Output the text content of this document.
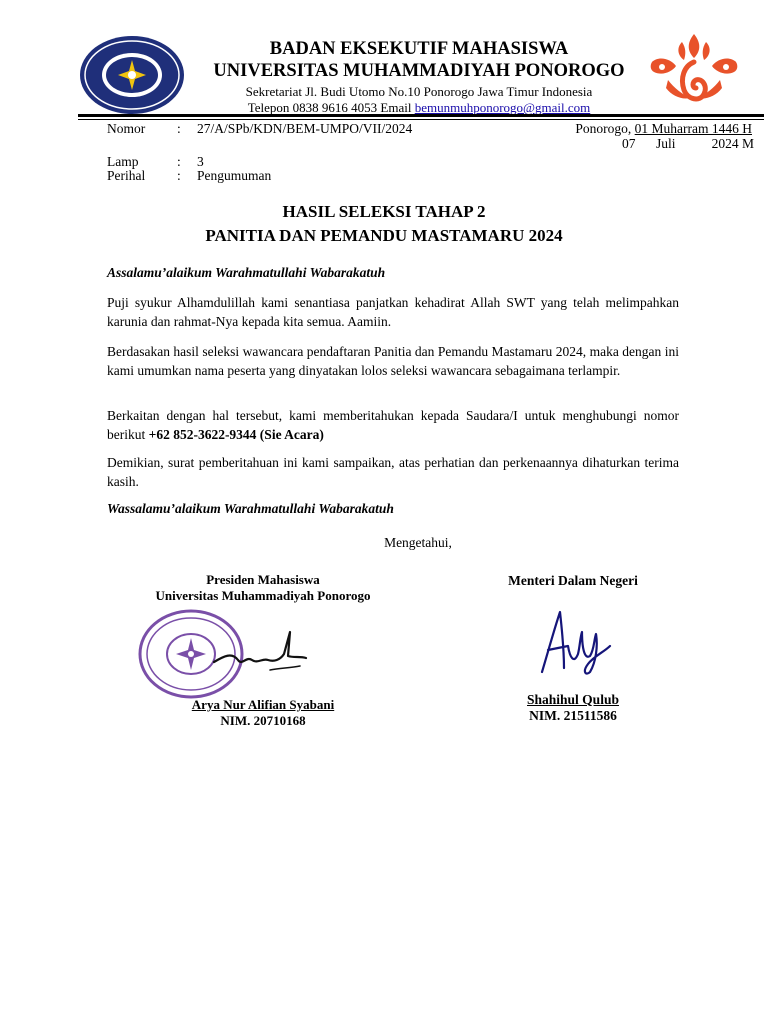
BADAN EKSEKUTIF MAHASISWA
UNIVERSITAS MUHAMMADIYAH PONOROGO
Sekretariat Jl. Budi Utomo No.10 Ponorogo Jawa Timur Indonesia
Telepon 0838 9616 4053 Email bemunmuhponorogo@gmail.com
Nomor : 27/A/SPb/KDN/BEM-UMPO/VII/2024
Lamp	: 3
Perihal : Pengumuman
Ponorogo, 01 Muharram 1446 H
07 Juli	2024 M
HASIL SELEKSI TAHAP 2
PANITIA DAN PEMANDU MASTAMARU 2024
Assalamu’alaikum Warahmatullahi Wabarakatuh
Puji syukur Alhamdulillah kami senantiasa panjatkan kehadirat Allah SWT yang telah melimpahkan karunia dan rahmat-Nya kepada kita semua. Aamiin.
Berdasakan hasil seleksi wawancara pendaftaran Panitia dan Pemandu Mastamaru 2024, maka dengan ini kami umumkan nama peserta yang dinyatakan lolos seleksi wawancara sebagaimana terlampir.
Berkaitan dengan hal tersebut, kami memberitahukan kepada Saudara/I untuk menghubungi nomor berikut +62 852-3622-9344 (Sie Acara)
Demikian, surat pemberitahuan ini kami sampaikan, atas perhatian dan perkenaannya dihaturkan terima kasih.
Wassalamu’alaikum Warahmatullahi Wabarakatuh
Mengetahui,
Presiden Mahasiswa
Universitas Muhammadiyah Ponorogo
Arya Nur Alifian Syabani
NIM. 20710168
Menteri Dalam Negeri
Shahihul Qulub
NIM. 21511586
